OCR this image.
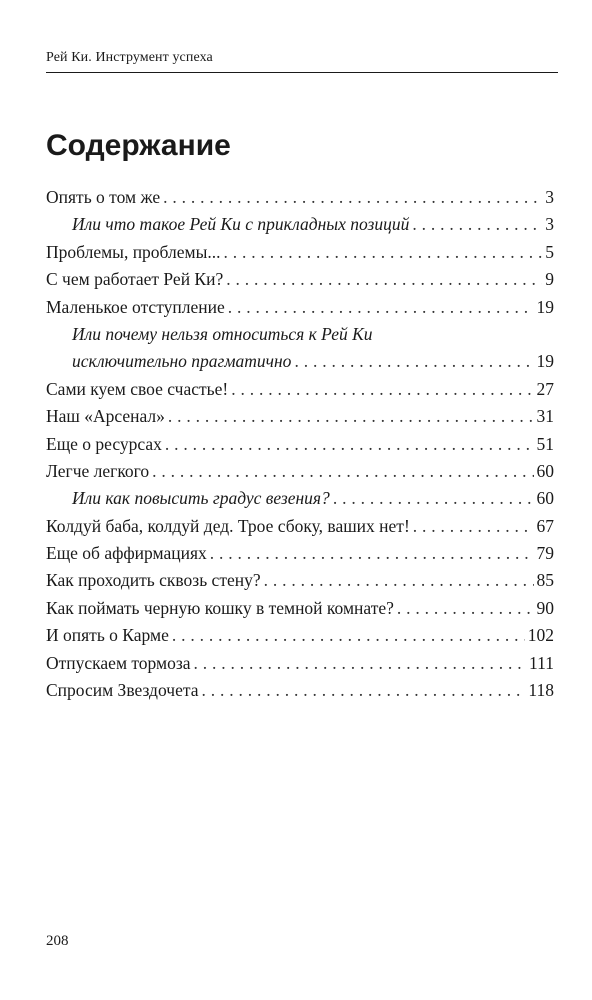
Рей Ки. Инструмент успеха
Содержание
Опять о том же . . .	3
Или что такое Рей Ки с прикладных позиций . . .	3
Проблемы, проблемы... . . .	5
С чем работает Рей Ки? . . .	9
Маленькое отступление . . .	19
Или почему нельзя относиться к Рей Ки
исключительно прагматично . . .	19
Сами куем свое счастье! . . .	27
Наш «Арсенал» . . .	31
Еще о ресурсах . . .	51
Легче легкого . . .	60
Или как повысить градус везения? . . .	60
Колдуй баба, колдуй дед. Трое сбоку, ваших нет! . . .	67
Еще об аффирмациях . . .	79
Как проходить сквозь стену? . . .	85
Как поймать черную кошку в темной комнате? . . .	90
И опять о Карме . . .	102
Отпускаем тормоза . . .	111
Спросим Звездочета . . .	118
208
